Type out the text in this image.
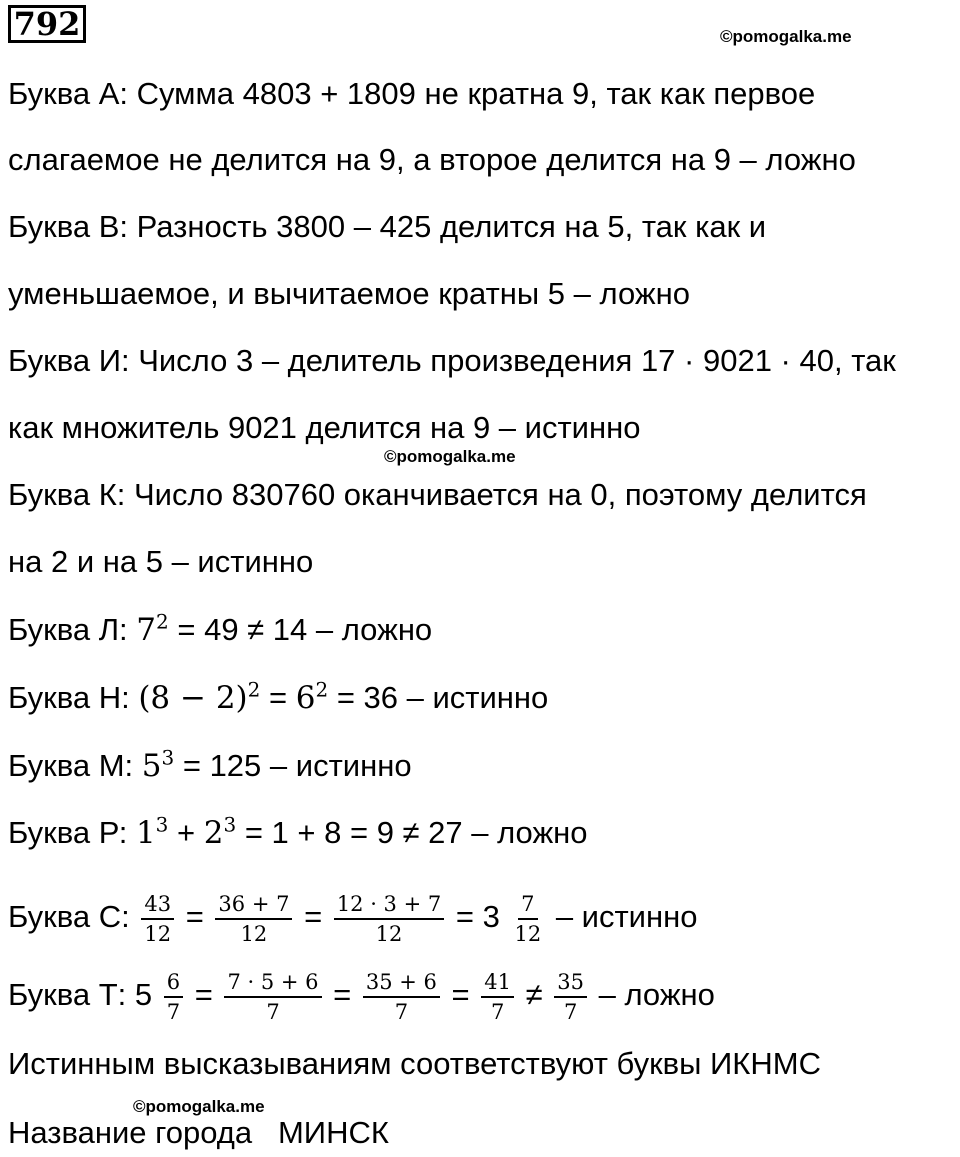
792	©pomogalka.me
Буква А: Сумма 4803 + 1809 не кратна 9, так как первое
слагаемое не делится на 9, а второе делится на 9 – ложно
Буква В: Разность 3800 – 425 делится на 5, так как и
уменьшаемое, и вычитаемое кратны 5 – ложно
Буква И: Число 3 – делитель произведения 17 · 9021 · 40, так
как множитель 9021 делится на 9 – истинно
©pomogalka.me
Буква К: Число 830760 оканчивается на 0, поэтому делится
на 2 и на 5 – истинно
Буква Л: $7^2 = 49 \ne 14$ – ложно
Буква Н: $(8 - 2)^2 = 6^2 = 36$ – истинно
Буква М: $5^3 = 125$ – истинно
Буква Р: $1^3 + 2^3 = 1 + 8 = 9 \ne 27$ – ложно
Буква С: $\frac{43}{12} = \frac{36 + 7}{12} = \frac{12 \cdot 3 + 7}{12} = 3 \frac{7}{12}$ – истинно
Буква Т: $5 \frac{6}{7} = \frac{7 \cdot 5 + 6}{7} = \frac{35 + 6}{7} = \frac{41}{7} \ne \frac{35}{7}$ – ложно
Истинным высказываниям соответствуют буквы ИКНМС
©pomogalka.me
Название города   МИНСК
